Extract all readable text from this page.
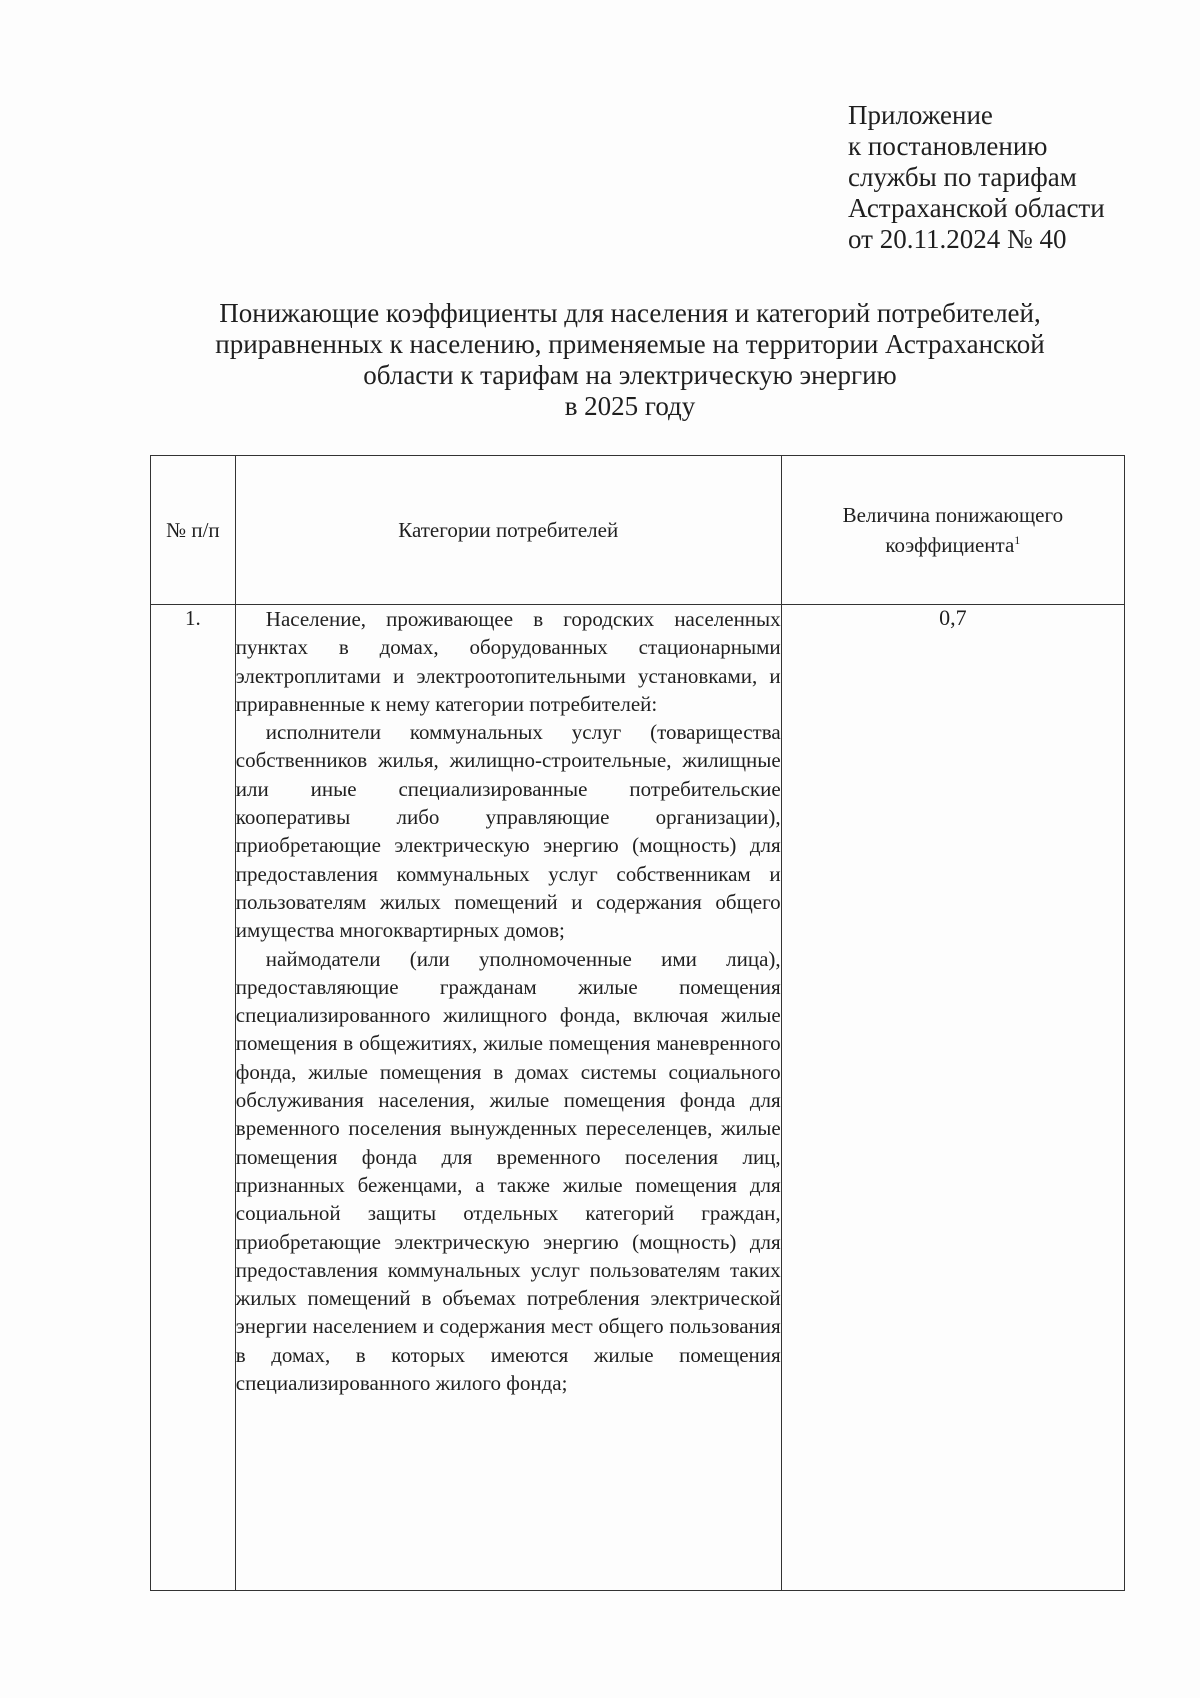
Приложение
к постановлению
службы по тарифам
Астраханской области
от 20.11.2024 № 40
Понижающие коэффициенты для населения и категорий потребителей,
приравненных к населению, применяемые на территории Астраханской
области к тарифам на электрическую энергию
в 2025 году
№ п/п	Категории потребителей	Величина понижающего коэффициента$^1$
1.	Население, проживающее в городских населенных пунктах в домах, оборудованных стационарными электроплитами и электроотопительными установками, и приравненные к нему категории потребителей:

исполнители коммунальных услуг (товарищества собственников жилья, жилищно-строительные, жилищные или иные специализированные потребительские кооперативы либо управляющие организации), приобретающие электрическую энергию (мощность) для предоставления коммунальных услуг собственникам и пользователям жилых помещений и содержания общего имущества многоквартирных домов;

наймодатели (или уполномоченные ими лица), предоставляющие гражданам жилые помещения специализированного жилищного фонда, включая жилые помещения в общежитиях, жилые помещения маневренного фонда, жилые помещения в домах системы социального обслуживания населения, жилые помещения фонда для временного поселения вынужденных переселенцев, жилые помещения фонда для временного поселения лиц, признанных беженцами, а также жилые помещения для социальной защиты отдельных категорий граждан, приобретающие электрическую энергию (мощность) для предоставления коммунальных услуг пользователям таких жилых помещений в объемах потребления электрической энергии населением и содержания мест общего пользования в домах, в которых имеются жилые помещения специализированного жилого фонда;	0,7
